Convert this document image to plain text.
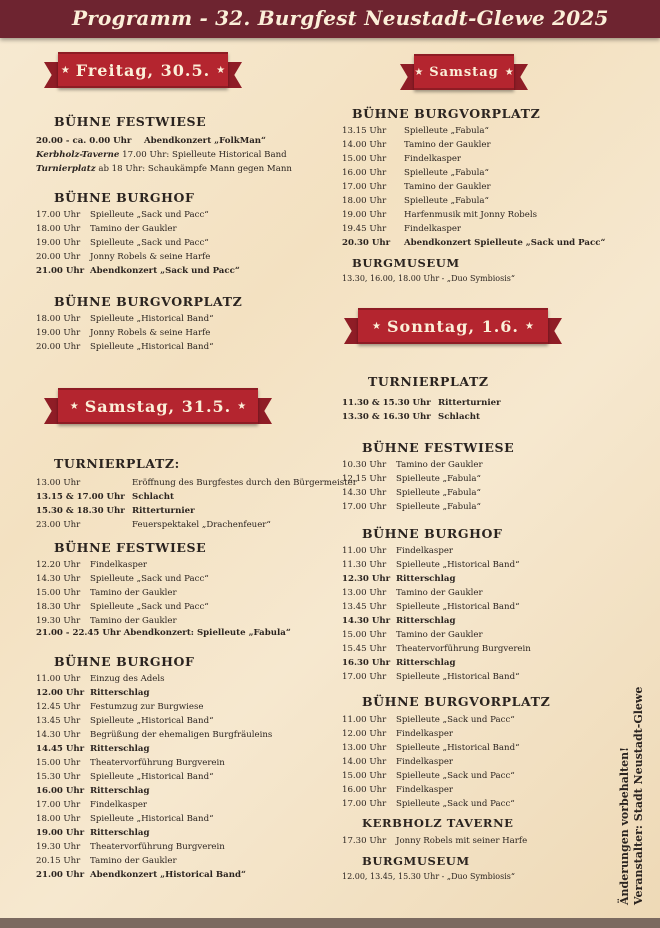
Programm - 32. Burgfest Neustadt-Glewe 2025
★ Freitag, 30.5. ★	★ Samstag ★
★ Samstag, 31.5. ★
★ Sonntag, 1.6. ★
BÜHNE FESTWIESE
20.00 - ca. 0.00 Uhr Abendkonzert „FolkMan“
Kerbholz-Taverne 17.00 Uhr: Spielleute Historical Band
Turnierplatz ab 18 Uhr: Schaukämpfe Mann gegen Mann
BÜHNE BURGHOF
17.00 Uhr Spielleute „Sack und Pacc“
18.00 Uhr Tamino der Gaukler
19.00 Uhr Spielleute „Sack und Pacc“
20.00 Uhr Jonny Robels & seine Harfe
21.00 Uhr Abendkonzert „Sack und Pacc“
BÜHNE BURGVORPLATZ
18.00 Uhr Spielleute „Historical Band“
19.00 Uhr Jonny Robels & seine Harfe
20.00 Uhr Spielleute „Historical Band“
BÜHNE BURGVORPLATZ
13.15 Uhr Spielleute „Fabula“
14.00 Uhr Tamino der Gaukler
15.00 Uhr Findelkasper
16.00 Uhr Spielleute „Fabula“
17.00 Uhr Tamino der Gaukler
18.00 Uhr Spielleute „Fabula“
19.00 Uhr Harfenmusik mit Jonny Robels
19.45 Uhr Findelkasper
20.30 Uhr Abendkonzert Spielleute „Sack und Pacc“
BURGMUSEUM
13.30, 16.00, 18.00 Uhr - „Duo Symbiosis“
TURNIERPLATZ:
13.00 Uhr	Eröffnung des Burgfestes durch den Bürgermeister
13.15 & 17.00 Uhr Schlacht
15.30 & 18.30 Uhr Ritterturnier
23.00 Uhr	Feuerspektakel „Drachenfeuer“
BÜHNE FESTWIESE
12.20 Uhr Findelkasper
14.30 Uhr Spielleute „Sack und Pacc“
15.00 Uhr Tamino der Gaukler
18.30 Uhr Spielleute „Sack und Pacc“
19.30 Uhr Tamino der Gaukler
21.00 - 22.45 Uhr Abendkonzert: Spielleute „Fabula“
BÜHNE BURGHOF
11.00 Uhr Einzug des Adels
12.00 Uhr Ritterschlag
12.45 Uhr Festumzug zur Burgwiese
13.45 Uhr Spielleute „Historical Band“
14.30 Uhr Begrüßung der ehemaligen Burgfräuleins
14.45 Uhr Ritterschlag
15.00 Uhr Theatervorführung Burgverein
15.30 Uhr Spielleute „Historical Band“
16.00 Uhr Ritterschlag
17.00 Uhr Findelkasper
18.00 Uhr Spielleute „Historical Band“
19.00 Uhr Ritterschlag
19.30 Uhr Theatervorführung Burgverein
20.15 Uhr Tamino der Gaukler
21.00 Uhr Abendkonzert „Historical Band“
TURNIERPLATZ
11.30 & 15.30 Uhr Ritterturnier
13.30 & 16.30 Uhr Schlacht
BÜHNE FESTWIESE
10.30 Uhr Tamino der Gaukler
12.15 Uhr Spielleute „Fabula“
14.30 Uhr Spielleute „Fabula“
17.00 Uhr Spielleute „Fabula“
BÜHNE BURGHOF
11.00 Uhr Findelkasper
11.30 Uhr Spielleute „Historical Band“
12.30 Uhr Ritterschlag
13.00 Uhr Tamino der Gaukler
13.45 Uhr Spielleute „Historical Band“
14.30 Uhr Ritterschlag
15.00 Uhr Tamino der Gaukler
15.45 Uhr Theatervorführung Burgverein
16.30 Uhr Ritterschlag
17.00 Uhr Spielleute „Historical Band“
BÜHNE BURGVORPLATZ
11.00 Uhr Spielleute „Sack und Pacc“
12.00 Uhr Findelkasper
13.00 Uhr Spielleute „Historical Band“
14.00 Uhr Findelkasper
15.00 Uhr Spielleute „Sack und Pacc“
16.00 Uhr Findelkasper
17.00 Uhr Spielleute „Sack und Pacc“
KERBHOLZ TAVERNE
17.30 Uhr Jonny Robels mit seiner Harfe
BURGMUSEUM
12.00, 13.45, 15.30 Uhr - „Duo Symbiosis“	Änderungen vorbehalten! Veranstalter: Stadt Neustadt-Glewe
